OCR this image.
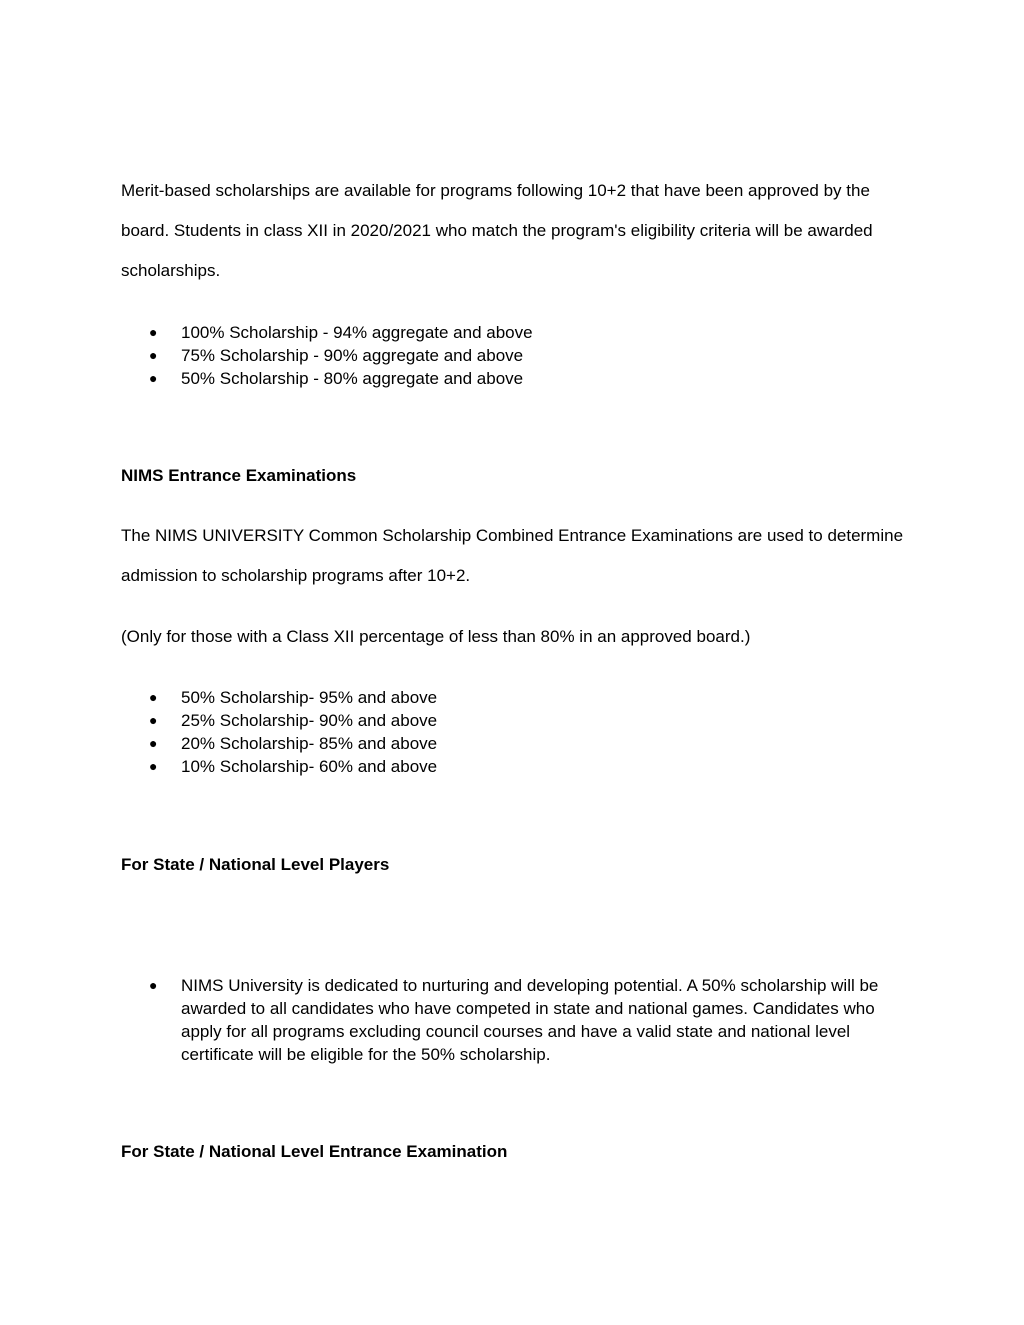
Merit-based scholarships are available for programs following 10+2 that have been approved by the board. Students in class XII in 2020/2021 who match the program's eligibility criteria will be awarded scholarships.

● 100% Scholarship - 94% aggregate and above
● 75% Scholarship - 90% aggregate and above
● 50% Scholarship - 80% aggregate and above

NIMS Entrance Examinations

The NIMS UNIVERSITY Common Scholarship Combined Entrance Examinations are used to determine admission to scholarship programs after 10+2.

(Only for those with a Class XII percentage of less than 80% in an approved board.)

● 50% Scholarship- 95% and above
● 25% Scholarship- 90% and above
● 20% Scholarship- 85% and above
● 10% Scholarship- 60% and above

For State / National Level Players

● NIMS University is dedicated to nurturing and developing potential. A 50% scholarship will be awarded to all candidates who have competed in state and national games. Candidates who apply for all programs excluding council courses and have a valid state and national level certificate will be eligible for the 50% scholarship.

For State / National Level Entrance Examination
